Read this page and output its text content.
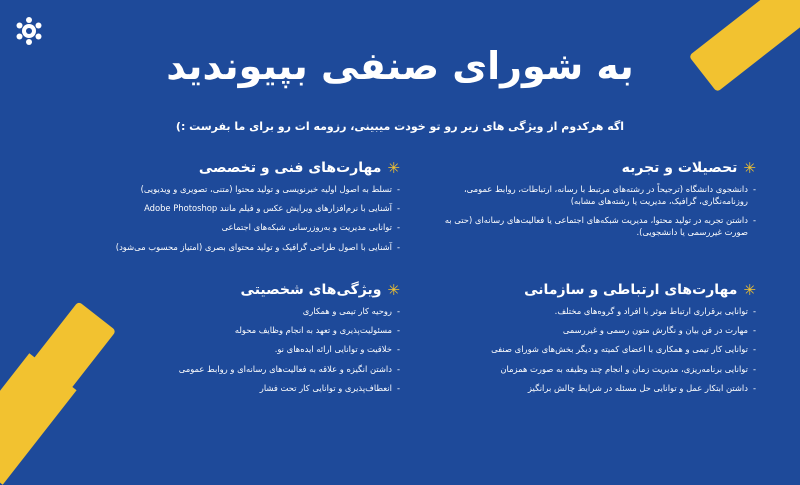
به شورای صنفی بپیوندید
اگه هرکدوم از ویژگی های زیر رو تو خودت میبینی، رزومه ات رو برای ما بفرست :)
✳
تحصیلات و تجربه
-
دانشجوی دانشگاه (ترجیحاً در رشته‌های مرتبط با رسانه، ارتباطات، روابط عمومی، روزنامه‌نگاری، گرافیک، مدیریت یا رشته‌های مشابه)
-
داشتن تجربه در تولید محتوا، مدیریت شبکه‌های اجتماعی یا فعالیت‌های رسانه‌ای (حتی به صورت غیررسمی یا دانشجویی).
✳
مهارت‌های فنی و تخصصی
-
تسلط به اصول اولیه خبرنویسی و تولید محتوا (متنی، تصویری و ویدیویی)
-
آشنایی با نرم‌افزارهای ویرایش عکس و فیلم مانند Adobe Photoshop
-
توانایی مدیریت و به‌روزرسانی شبکه‌های اجتماعی
-
آشنایی با اصول طراحی گرافیک و تولید محتوای بصری (امتیاز محسوب می‌شود)
✳
مهارت‌های ارتباطی و سازمانی
-
توانایی برقراری ارتباط موثر با افراد و گروه‌های مختلف.
-
مهارت در فن بیان و نگارش متون رسمی و غیررسمی
-
توانایی کار تیمی و همکاری با اعضای کمیته و دیگر بخش‌های شورای صنفی
-
توانایی برنامه‌ریزی، مدیریت زمان و انجام چند وظیفه به صورت همزمان
-
داشتن ابتکار عمل و توانایی حل مسئله در شرایط چالش برانگیز
✳
ویژگی‌های شخصیتی
-
روحیه کار تیمی و همکاری
-
مسئولیت‌پذیری و تعهد به انجام وظایف محوله
-
خلاقیت و توانایی ارائه ایده‌های نو.
-
داشتن انگیزه و علاقه به فعالیت‌های رسانه‌ای و روابط عمومی
-
انعطاف‌پذیری و توانایی کار تحت فشار
